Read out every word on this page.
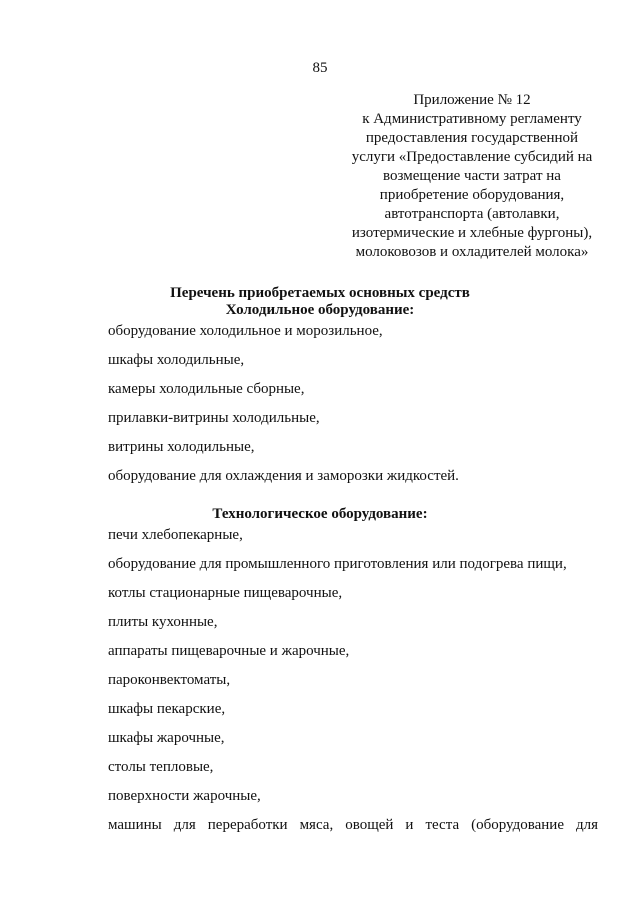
85
Приложение № 12
к Административному регламенту
предоставления государственной
услуги «Предоставление субсидий на
возмещение части затрат на
приобретение оборудования,
автотранспорта (автолавки,
изотермические и хлебные фургоны),
молоковозов и охладителей молока»
Перечень приобретаемых основных средств
Холодильное оборудование:
оборудование холодильное и морозильное,
шкафы холодильные,
камеры холодильные сборные,
прилавки-витрины холодильные,
витрины холодильные,
оборудование для охлаждения и заморозки жидкостей.
Технологическое оборудование:
печи хлебопекарные,
оборудование для промышленного приготовления или подогрева пищи,
котлы стационарные пищеварочные,
плиты кухонные,
аппараты пищеварочные и жарочные,
пароконвектоматы,
шкафы пекарские,
шкафы жарочные,
столы тепловые,
поверхности жарочные,
машины для переработки мяса, овощей и теста (оборудование для
